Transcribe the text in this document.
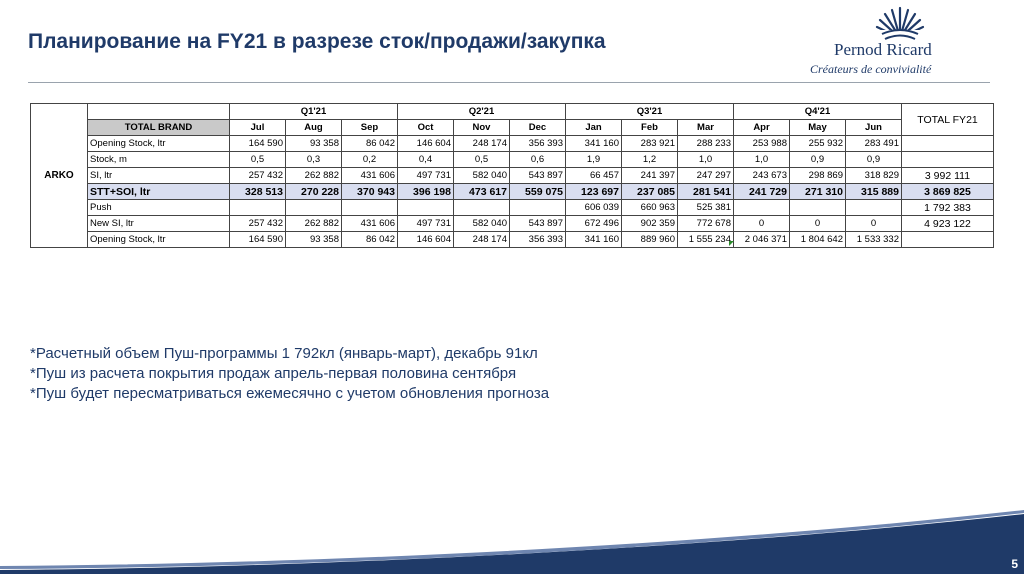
Планирование на FY21 в разрезе сток/продажи/закупка	Pernod Ricard
Créateurs de convivialité
ARKO		Q1'21			Q2'21			Q3'21			Q4'21			TOTAL FY21
	TOTAL BRAND	Jul	Aug	Sep	Oct	Nov	Dec	Jan	Feb	Mar	Apr	May	Jun	
	Opening Stock, ltr	164 590	93 358	86 042	146 604	248 174	356 393	341 160	283 921	288 233	253 988	255 932	283 491	
	Stock, m	0,5	0,3	0,2	0,4	0,5	0,6	1,9	1,2	1,0	1,0	0,9	0,9	
	SI, ltr	257 432	262 882	431 606	497 731	582 040	543 897	66 457	241 397	247 297	243 673	298 869	318 829	3 992 111
	STT+SOI, ltr	328 513	270 228	370 943	396 198	473 617	559 075	123 697	237 085	281 541	241 729	271 310	315 889	3 869 825
	Push							606 039	660 963	525 381				1 792 383
	New SI, ltr	257 432	262 882	431 606	497 731	582 040	543 897	672 496	902 359	772 678	0	0	0	4 923 122
	Opening Stock, ltr	164 590	93 358	86 042	146 604	248 174	356 393	341 160	889 960	1 555 234	2 046 371	1 804 642	1 533 332	
*Расчетный объем Пуш-программы 1 792кл (январь-март), декабрь 91кл
*Пуш из расчета покрытия продаж апрель-первая половина сентября
*Пуш будет пересматриваться ежемесячно с учетом обновления прогноза
5
